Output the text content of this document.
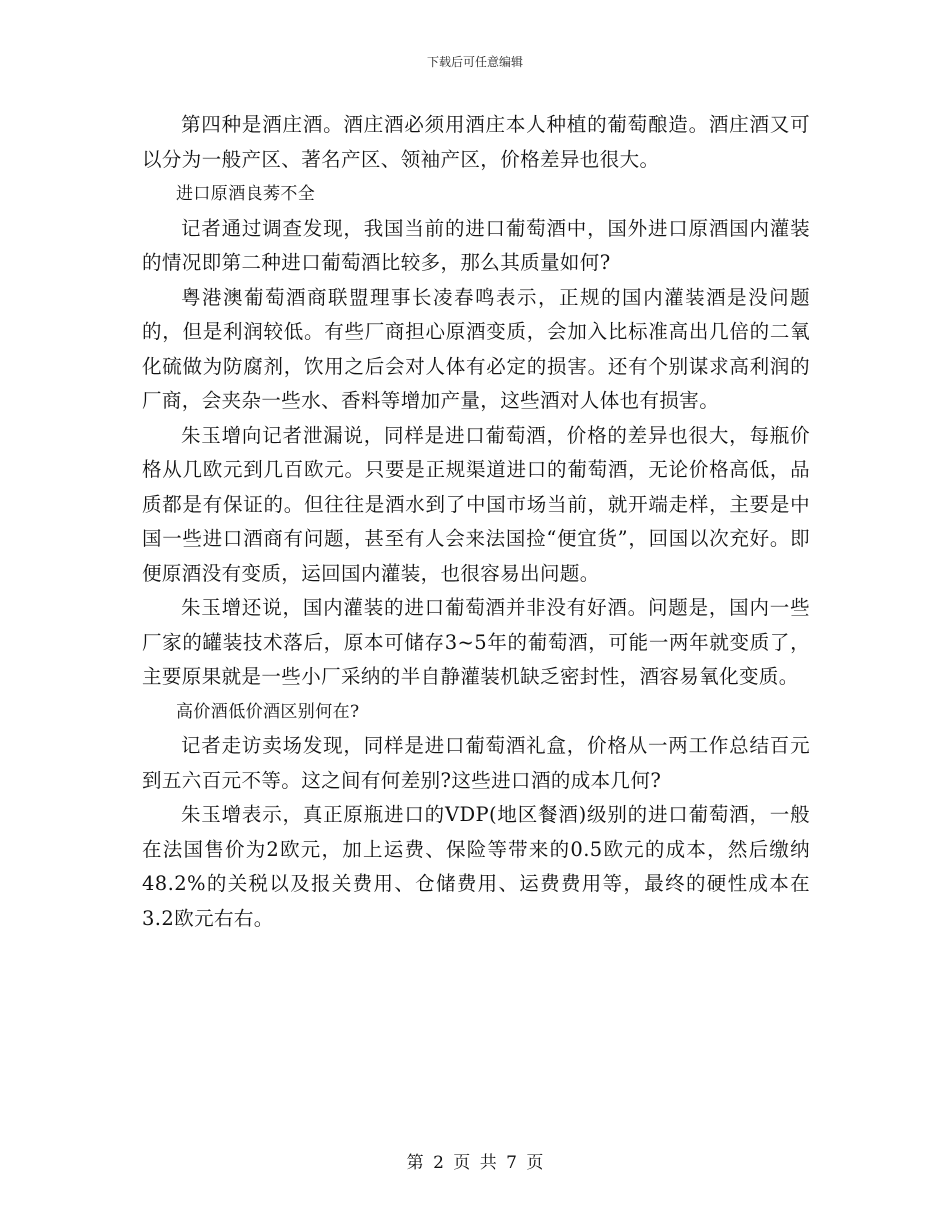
下载后可任意编辑

第四种是酒庄酒。酒庄酒必须用酒庄本人种植的葡萄酿造。酒庄酒又可以分为一般产区、著名产区、领袖产区，价格差异也很大。

进口原酒良莠不全

记者通过调查发现，我国当前的进口葡萄酒中，国外进口原酒国内灌装的情况即第二种进口葡萄酒比较多，那么其质量如何?

粤港澳葡萄酒商联盟理事长凌春鸣表示，正规的国内灌装酒是没问题的，但是利润较低。有些厂商担心原酒变质，会加入比标准高出几倍的二氧化硫做为防腐剂，饮用之后会对人体有必定的损害。还有个别谋求高利润的厂商，会夹杂一些水、香料等增加产量，这些酒对人体也有损害。

朱玉增向记者泄漏说，同样是进口葡萄酒，价格的差异也很大，每瓶价格从几欧元到几百欧元。只要是正规渠道进口的葡萄酒，无论价格高低，品质都是有保证的。但往往是酒水到了中国市场当前，就开端走样，主要是中国一些进口酒商有问题，甚至有人会来法国捡“便宜货”，回国以次充好。即便原酒没有变质，运回国内灌装，也很容易出问题。

朱玉增还说，国内灌装的进口葡萄酒并非没有好酒。问题是，国内一些厂家的罐装技术落后，原本可储存3~5年的葡萄酒，可能一两年就变质了，主要原果就是一些小厂采纳的半自静灌装机缺乏密封性，酒容易氧化变质。

高价酒低价酒区别何在?

记者走访卖场发现，同样是进口葡萄酒礼盒，价格从一两工作总结百元到五六百元不等。这之间有何差别?这些进口酒的成本几何?

朱玉增表示，真正原瓶进口的VDP(地区餐酒)级别的进口葡萄酒，一般在法国售价为2欧元，加上运费、保险等带来的0.5欧元的成本，然后缴纳48.2%的关税以及报关费用、仓储费用、运费费用等，最终的硬性成本在3.2欧元右右。

第 2 页 共 7 页
